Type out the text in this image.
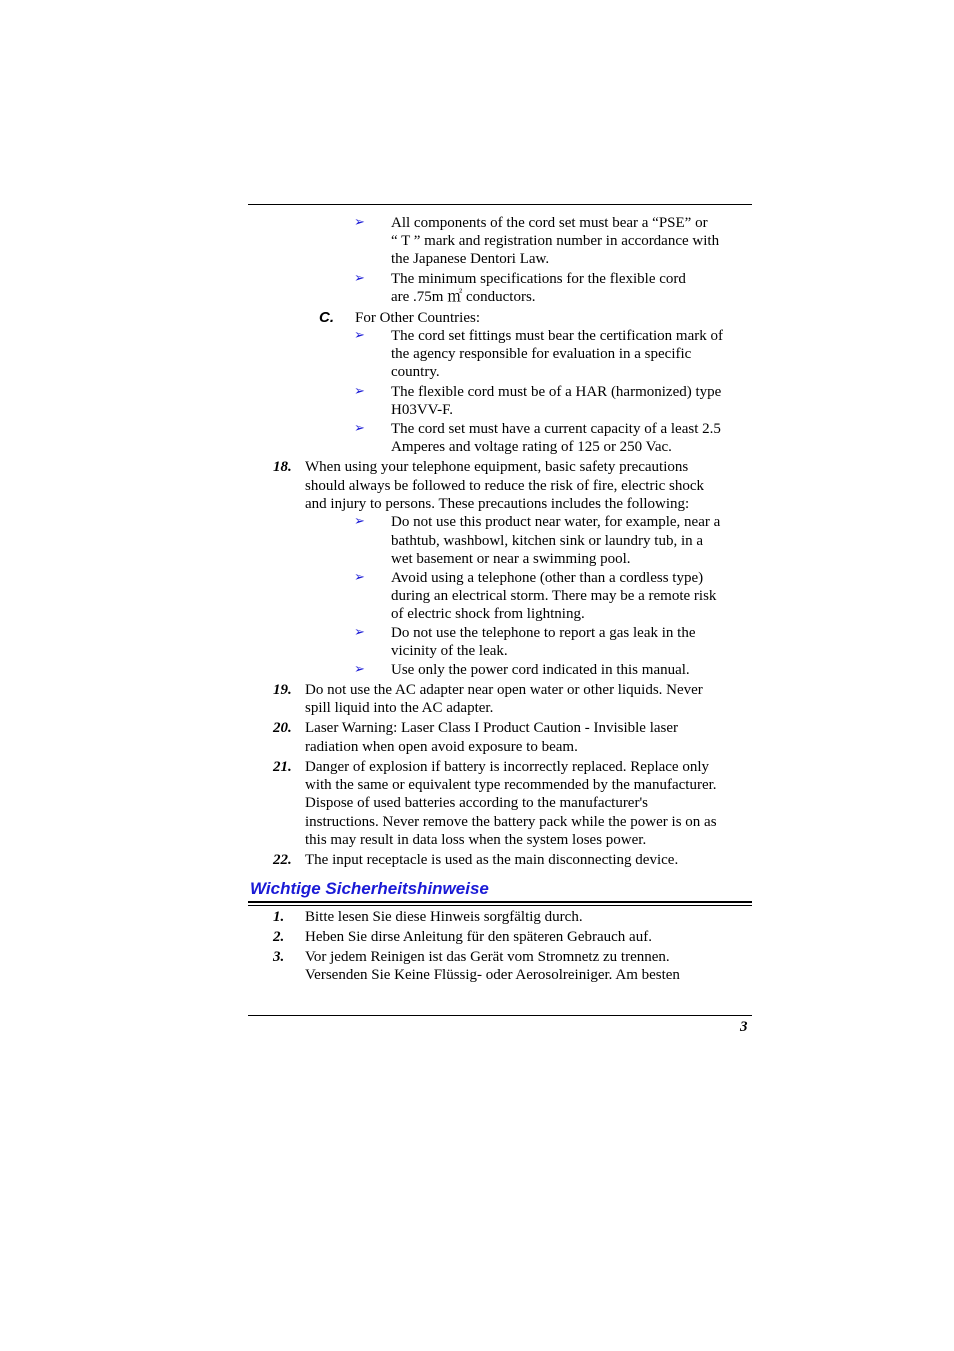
➢ All components of the cord set must bear a “PSE” or
“ T ” mark and registration number in accordance with
the Japanese Dentori Law.
➢ The minimum specifications for the flexible cord
are .75m ㎡ conductors.
C. For Other Countries:
➢ The cord set fittings must bear the certification mark of
the agency responsible for evaluation in a specific
country.
➢ The flexible cord must be of a HAR (harmonized) type
H03VV-F.
➢ The cord set must have a current capacity of a least 2.5
Amperes and voltage rating of 125 or 250 Vac.
18. When using your telephone equipment, basic safety precautions
should always be followed to reduce the risk of fire, electric shock
and injury to persons. These precautions includes the following:
➢ Do not use this product near water, for example, near a
bathtub, washbowl, kitchen sink or laundry tub, in a
wet basement or near a swimming pool.
➢ Avoid using a telephone (other than a cordless type)
during an electrical storm. There may be a remote risk
of electric shock from lightning.
➢ Do not use the telephone to report a gas leak in the
vicinity of the leak.
➢ Use only the power cord indicated in this manual.
19. Do not use the AC adapter near open water or other liquids. Never
spill liquid into the AC adapter.
20. Laser Warning: Laser Class I Product Caution - Invisible laser
radiation when open avoid exposure to beam.
21. Danger of explosion if battery is incorrectly replaced. Replace only
with the same or equivalent type recommended by the manufacturer.
Dispose of used batteries according to the manufacturer's
instructions. Never remove the battery pack while the power is on as
this may result in data loss when the system loses power.
22. The input receptacle is used as the main disconnecting device.
Wichtige Sicherheitshinweise
1. Bitte lesen Sie diese Hinweis sorgfältig durch.
2. Heben Sie dirse Anleitung für den späteren Gebrauch auf.
3. Vor jedem Reinigen ist das Gerät vom Stromnetz zu trennen.
Versenden Sie Keine Flüssig- oder Aerosolreiniger. Am besten
3
